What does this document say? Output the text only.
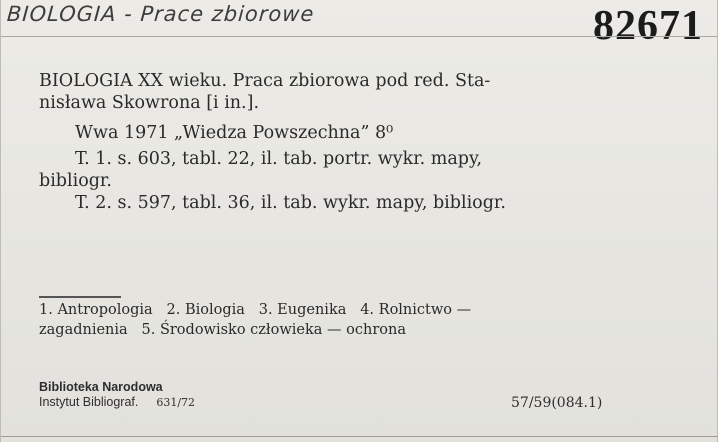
BIOLOGIA - Prace zbiorowe	82671
BIOLOGIA XX wieku. Praca zbiorowa pod red. Sta-
nisława Skowrona [i in.].
Wwa 1971 „Wiedza Powszechna” 8⁰
T. 1. s. 603, tabl. 22, il. tab. portr. wykr. mapy,
bibliogr.
T. 2. s. 597, tabl. 36, il. tab. wykr. mapy, bibliogr.
1. Antropologia   2. Biologia   3. Eugenika   4. Rolnictwo —
zagadnienia   5. Środowisko człowieka — ochrona
Biblioteka Narodowa
Instytut Bibliograf. 631/72	57/59(084.1)
